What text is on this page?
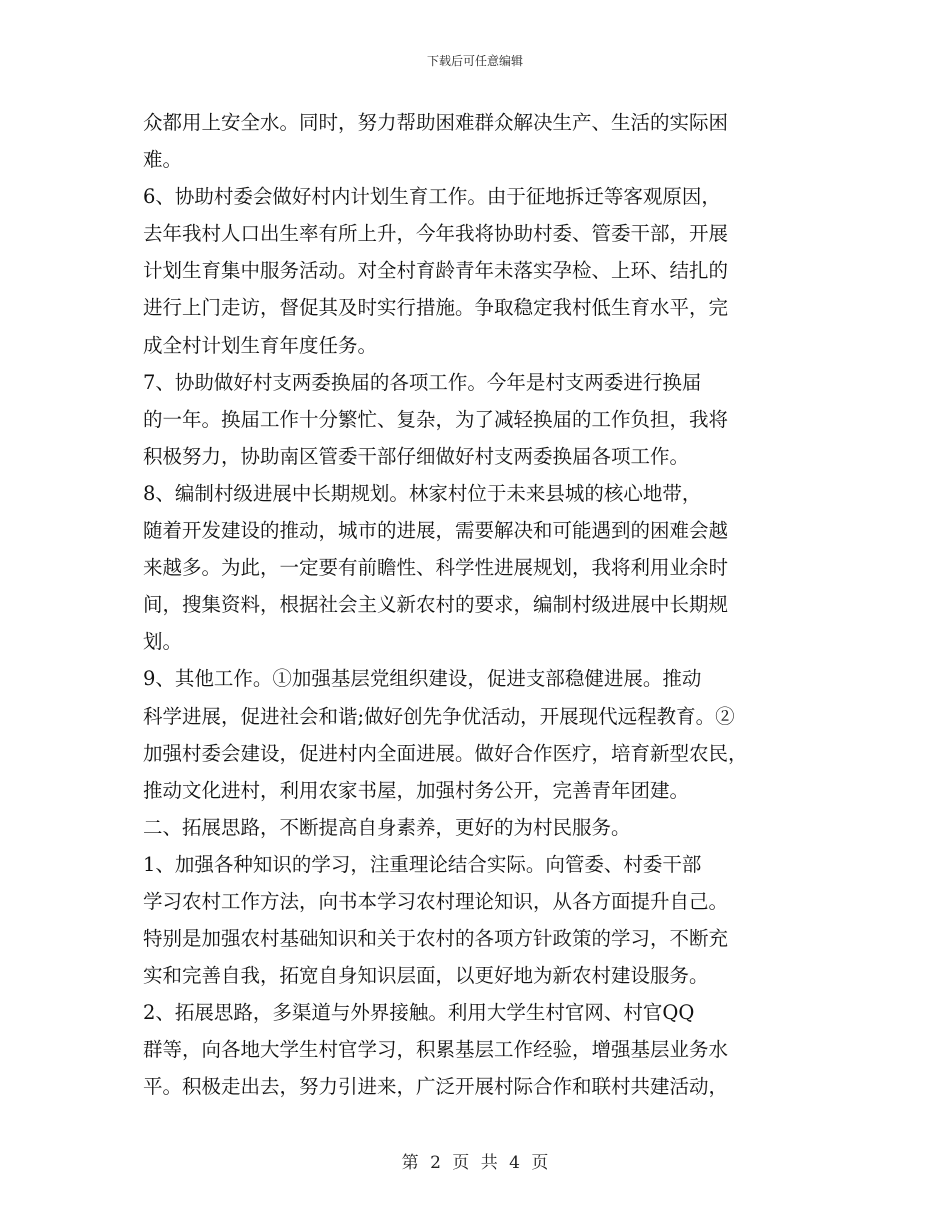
下载后可任意编辑
众都用上安全水。同时，努力帮助困难群众解决生产、生活的实际困
难。
6、协助村委会做好村内计划生育工作。由于征地拆迁等客观原因，
去年我村人口出生率有所上升，今年我将协助村委、管委干部，开展
计划生育集中服务活动。对全村育龄青年未落实孕检、上环、结扎的
进行上门走访，督促其及时实行措施。争取稳定我村低生育水平，完
成全村计划生育年度任务。
7、协助做好村支两委换届的各项工作。今年是村支两委进行换届
的一年。换届工作十分繁忙、复杂，为了减轻换届的工作负担，我将
积极努力，协助南区管委干部仔细做好村支两委换届各项工作。
8、编制村级进展中长期规划。林家村位于未来县城的核心地带，
随着开发建设的推动，城市的进展，需要解决和可能遇到的困难会越
来越多。为此，一定要有前瞻性、科学性进展规划，我将利用业余时
间，搜集资料，根据社会主义新农村的要求，编制村级进展中长期规
划。
9、其他工作。①加强基层党组织建设，促进支部稳健进展。推动
科学进展，促进社会和谐;做好创先争优活动，开展现代远程教育。②
加强村委会建设，促进村内全面进展。做好合作医疗，培育新型农民，
推动文化进村，利用农家书屋，加强村务公开，完善青年团建。
二、拓展思路，不断提高自身素养，更好的为村民服务。
1、加强各种知识的学习，注重理论结合实际。向管委、村委干部
学习农村工作方法，向书本学习农村理论知识，从各方面提升自己。
特别是加强农村基础知识和关于农村的各项方针政策的学习，不断充
实和完善自我，拓宽自身知识层面，以更好地为新农村建设服务。
2、拓展思路，多渠道与外界接触。利用大学生村官网、村官QQ
群等，向各地大学生村官学习，积累基层工作经验，增强基层业务水
平。积极走出去，努力引进来，广泛开展村际合作和联村共建活动，
第 2 页 共 4 页
